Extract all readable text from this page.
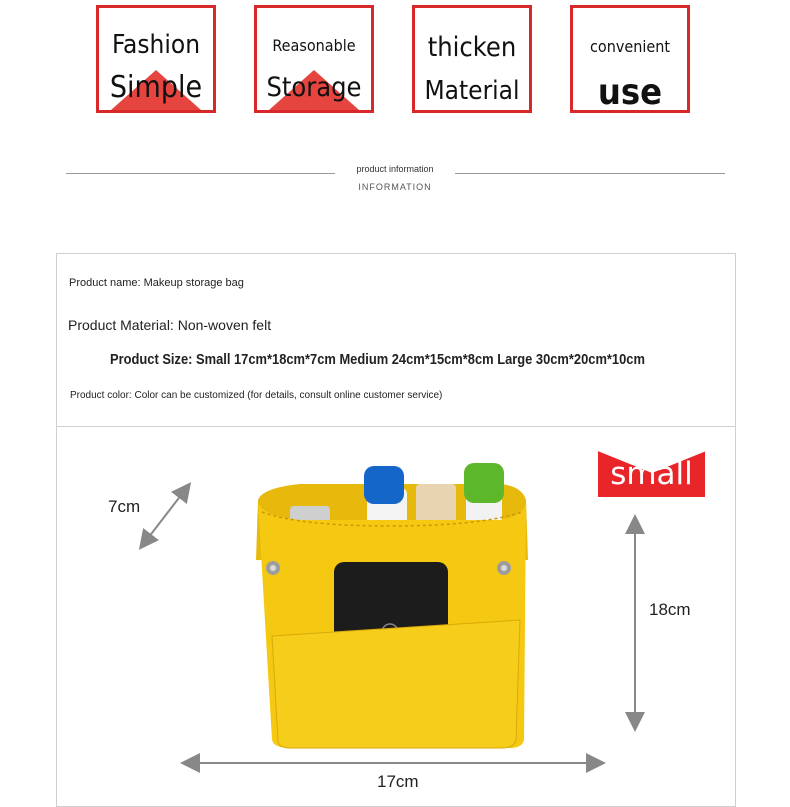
Fashion
Simple
Reasonable
Storage
thicken
Material
convenient
use
product information
INFORMATION
Product name: Makeup storage bag
Product Material: Non-woven felt
Product Size: Small 17cm*18cm*7cm Medium 24cm*15cm*8cm Large 30cm*20cm*10cm
Product color: Color can be customized (for details, consult online customer service)
7cm
18cm
17cm
small
